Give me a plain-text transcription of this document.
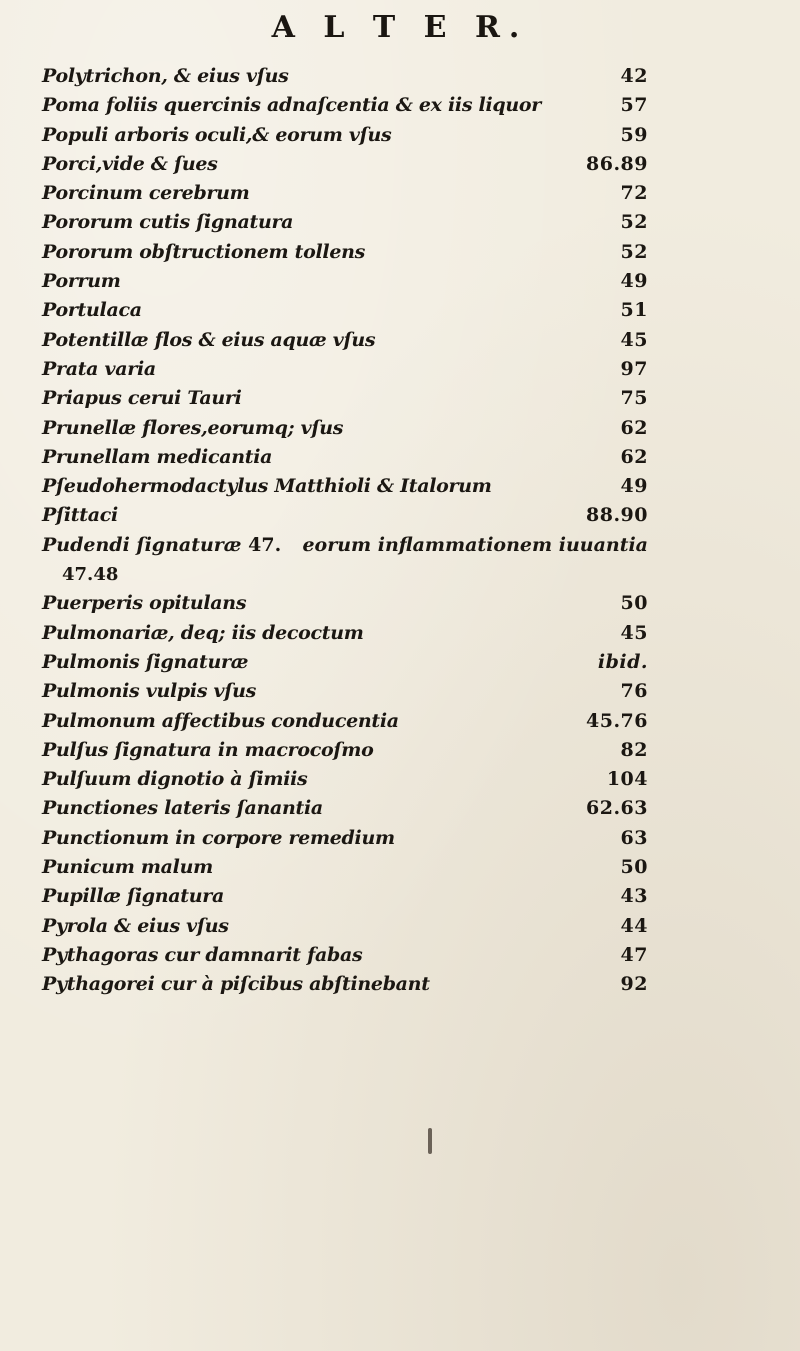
A L T E R.
Polytrichon, & eius vſus	42
Poma foliis quercinis adnaſcentia & ex iis liquor	57
Populi arboris oculi,& eorum vſus	59
Porci,vide & ſues	86.89
Porcinum cerebrum	72
Pororum cutis ſignatura	52
Pororum obſtructionem tollens	52
Porrum	49
Portulaca	51
Potentillæ flos & eius aquæ vſus	45
Prata varia	97
Priapus cerui Tauri	75
Prunellæ flores,eorumq; vſus	62
Prunellam medicantia	62
Pſeudohermodactylus Matthioli & Italorum	49
Pſittaci	88.90
Pudendi ſignaturæ 47. eorum inflammationem iuuantia
47.48
Puerperis opitulans	50
Pulmonariæ, deq; iis decoctum	45
Pulmonis ſignaturæ	ibid.
Pulmonis vulpis vſus	76
Pulmonum affectibus conducentia	45.76
Pulſus ſignatura in macrocoſmo	82
Pulſuum dignotio à ſimiis	104
Punctiones lateris ſanantia	62.63
Punctionum in corpore remedium	63
Punicum malum	50
Pupillæ ſignatura	43
Pyrola & eius vſus	44
Pythagoras cur damnarit fabas	47
Pythagorei cur à piſcibus abſtinebant	92
